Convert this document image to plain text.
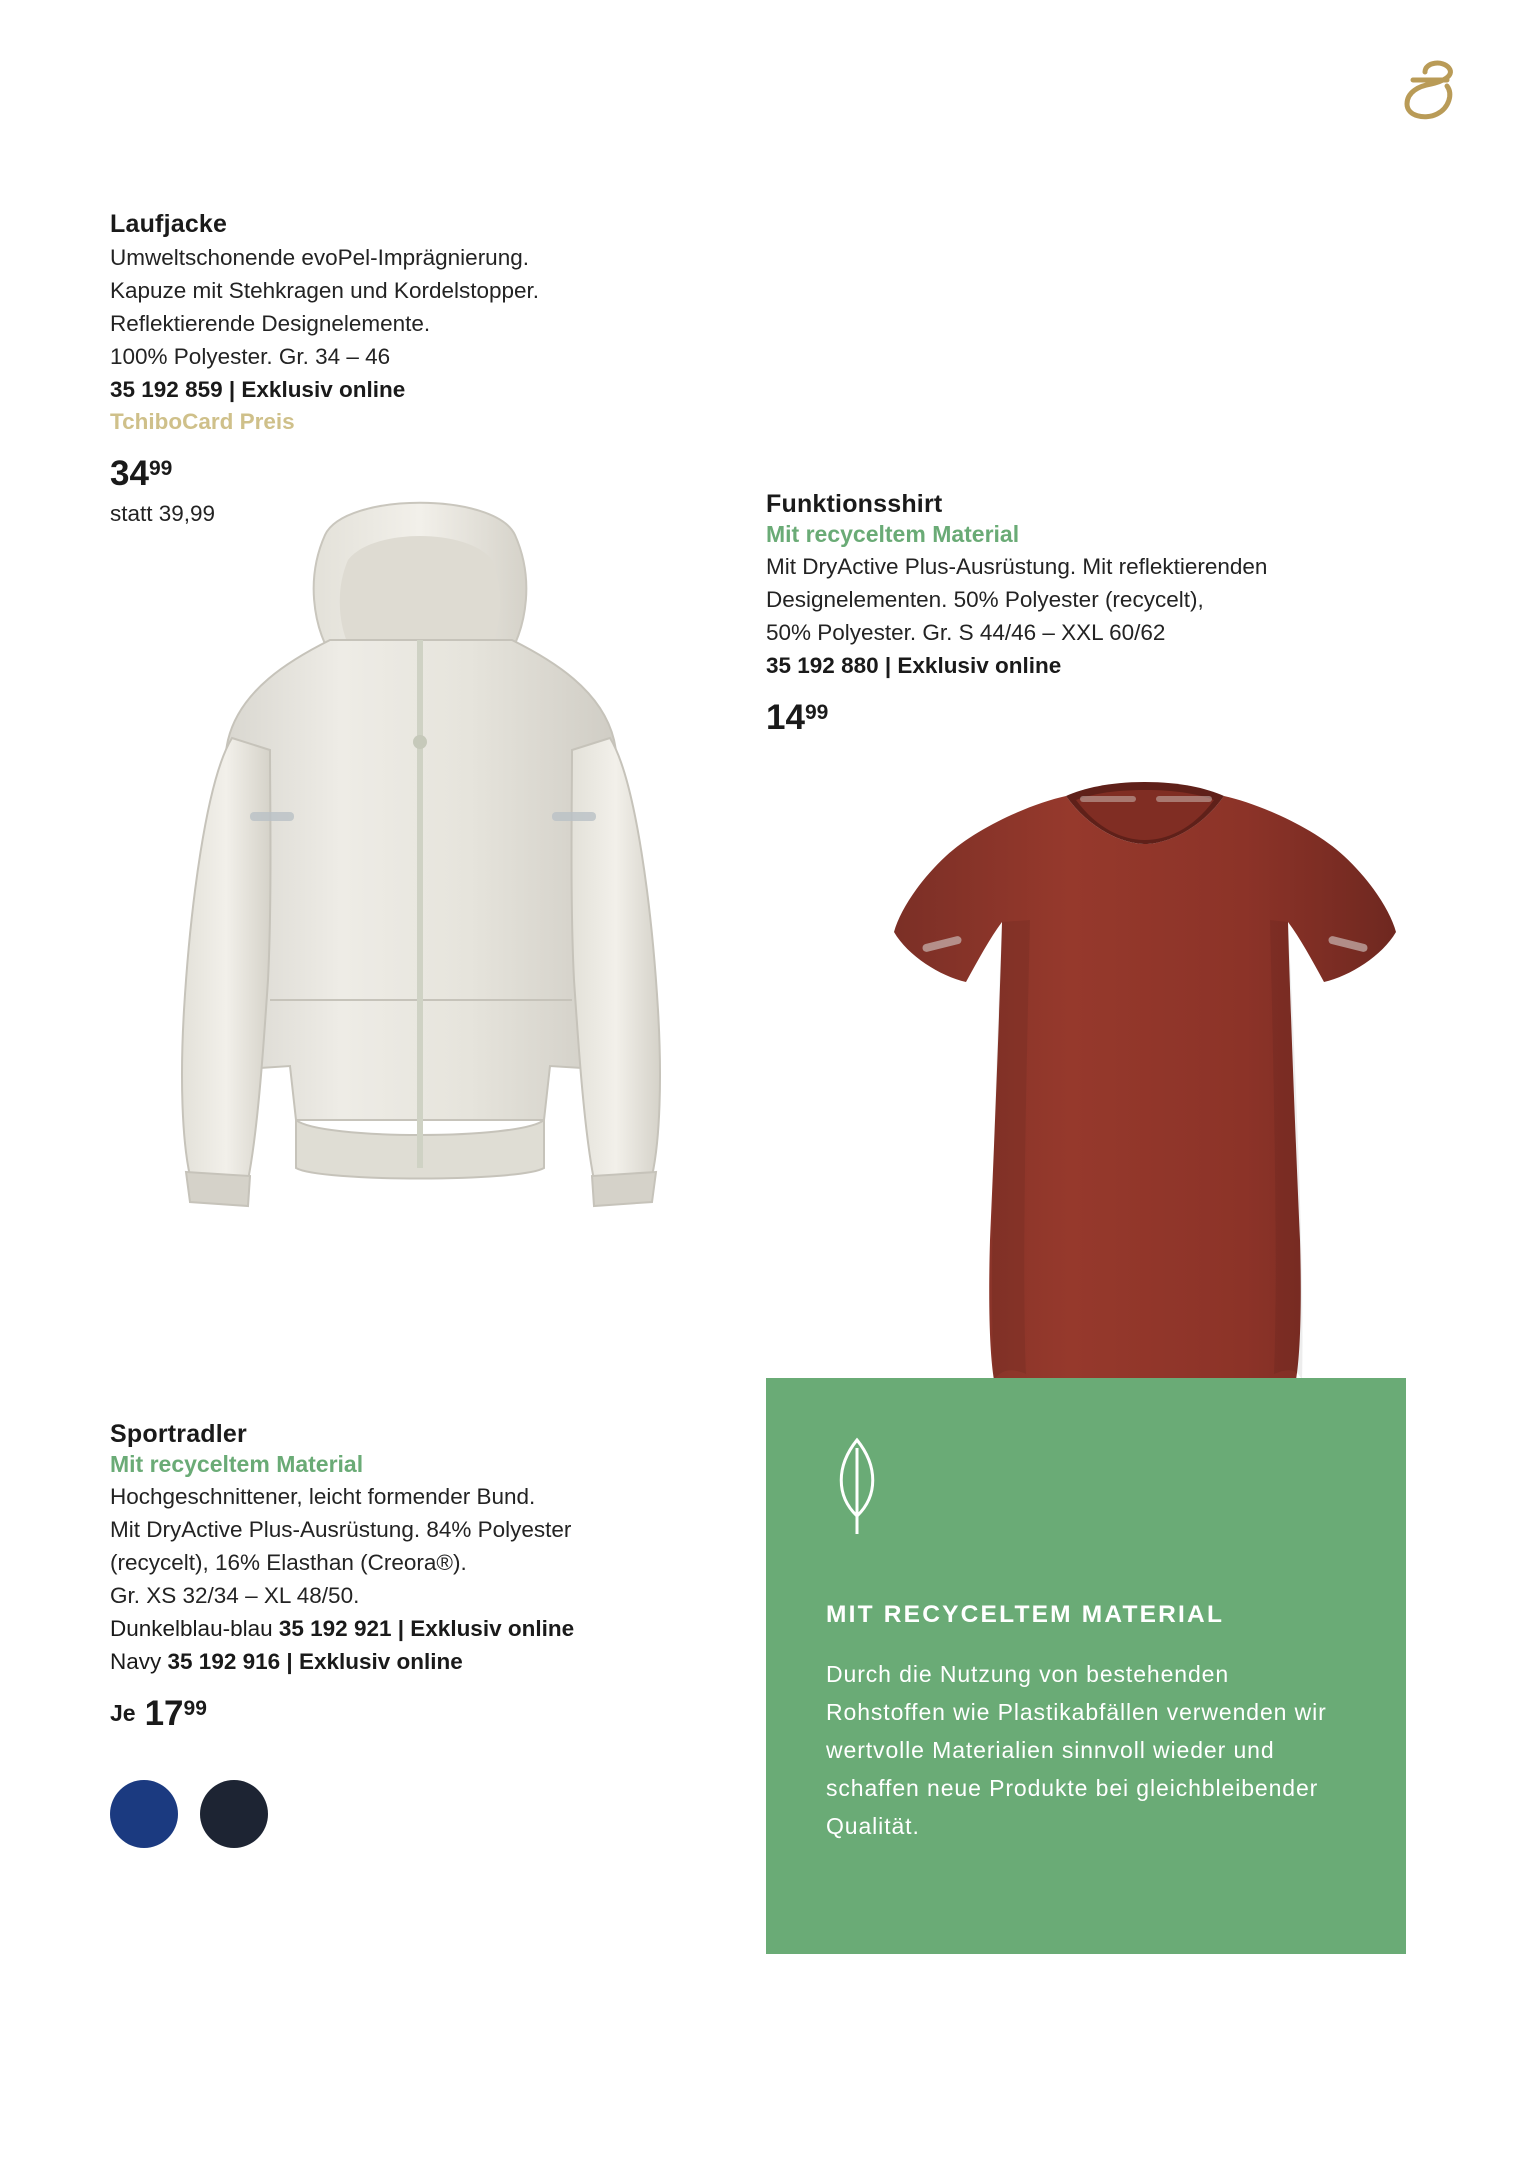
Laufjacke

Umweltschonende evoPel-Imprägnierung.

Kapuze mit Stehkragen und Kordelstopper.

Reflektierende Designelemente.

100% Polyester. Gr. 34 – 46

35 192 859 | Exklusiv online

TchiboCard Preis

34 99
statt 39,99	Funktionsshirt

Mit recyceltem Material

Mit DryActive Plus-Ausrüstung. Mit reflektierenden

Designelementen. 50% Polyester (recycelt),

50% Polyester. Gr. S 44/46 – XXL 60/62

35 192 880 | Exklusiv online

14 99
Sportradler

Mit recyceltem Material

Hochgeschnittener, leicht formender Bund.

Mit DryActive Plus-Ausrüstung. 84% Polyester

(recycelt), 16% Elasthan (Creora®).

Gr. XS 32/34 – XL 48/50.

Dunkelblau-blau 35 192 921 | Exklusiv online

Navy 35 192 916 | Exklusiv online

Je 17 99
MIT RECYCELTEM MATERIAL

Durch die Nutzung von bestehenden Rohstoffen wie Plastikabfällen verwenden wir wertvolle Materialien sinnvoll wieder und schaffen neue Produkte bei gleichbleibender Qualität.
